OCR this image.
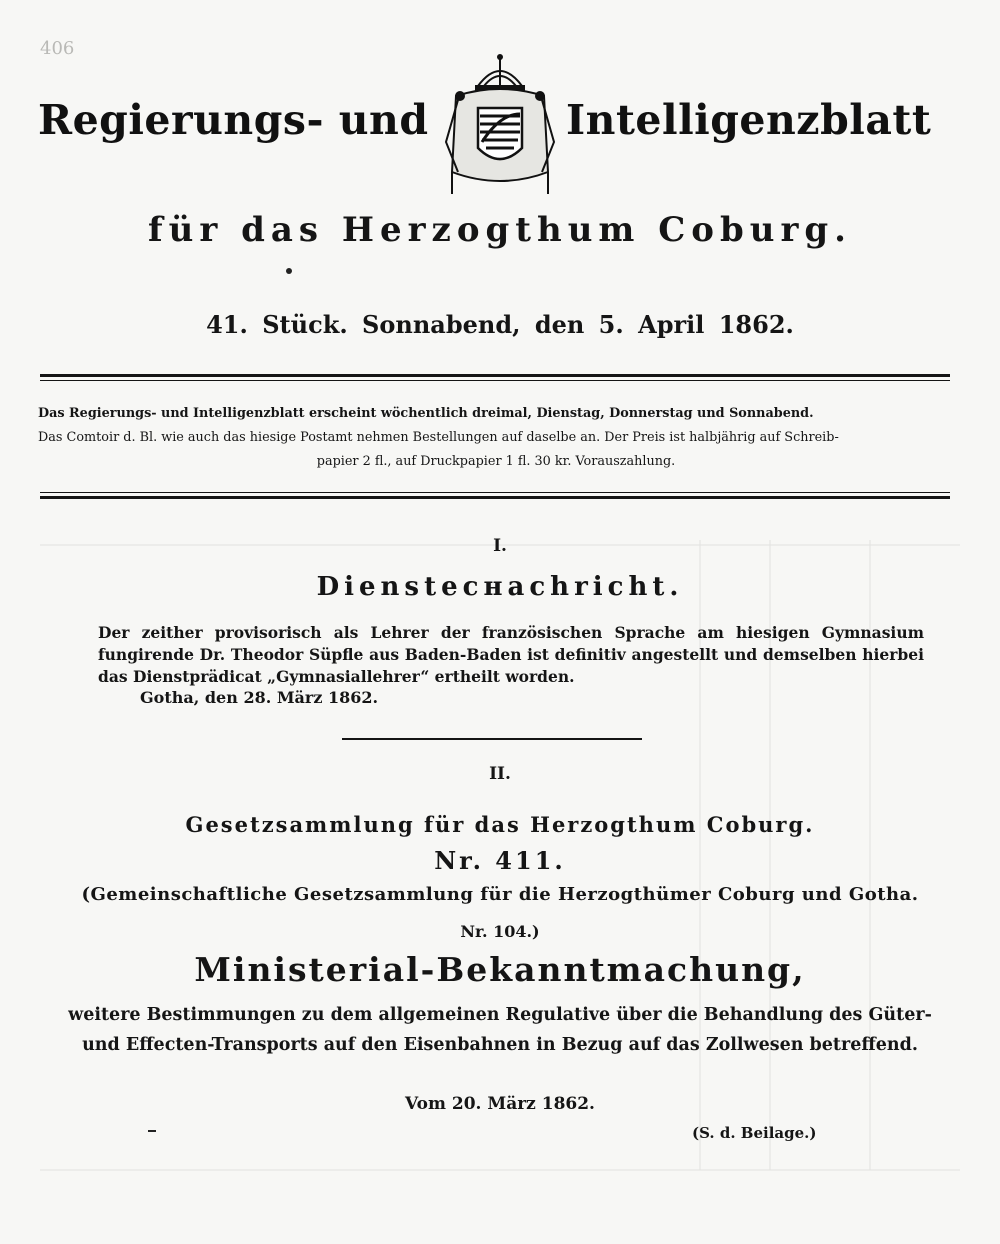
406
Regierungs- und	Intelligenzblatt
für das Herzogthum Coburg.
41. Stück. Sonnabend, den 5. April 1862.
Das Regierungs- und Intelligenzblatt erscheint wöchentlich dreimal, Dienstag, Donnerstag und Sonnabend.
Das Comtoir d. Bl. wie auch das hiesige Postamt nehmen Bestellungen auf daselbe an. Der Preis ist halbjährig auf Schreib-
papier 2 fl., auf Druckpapier 1 fl. 30 kr. Vorauszahlung.
I.
Diensteснachricht.
Der zeither provisorisch als Lehrer der französischen Sprache am hiesigen Gymnasium fungirende Dr. Theodor Süpfle aus Baden-Baden ist definitiv angestellt und demselben hierbei das Dienstprädicat „Gymnasiallehrer“ ertheilt worden.
Gotha, den 28. März 1862.
II.
Gesetzsammlung für das Herzogthum Coburg.
Nr. 411.
(Gemeinschaftliche Gesetzsammlung für die Herzogthümer Coburg und Gotha.
Nr. 104.)
Ministerial-Bekanntmachung,
weitere Bestimmungen zu dem allgemeinen Regulative über die Behandlung des Güter- und Effecten-Transports auf den Eisenbahnen in Bezug auf das Zollwesen betreffend.
Vom 20. März 1862.
(S. d. Beilage.)
